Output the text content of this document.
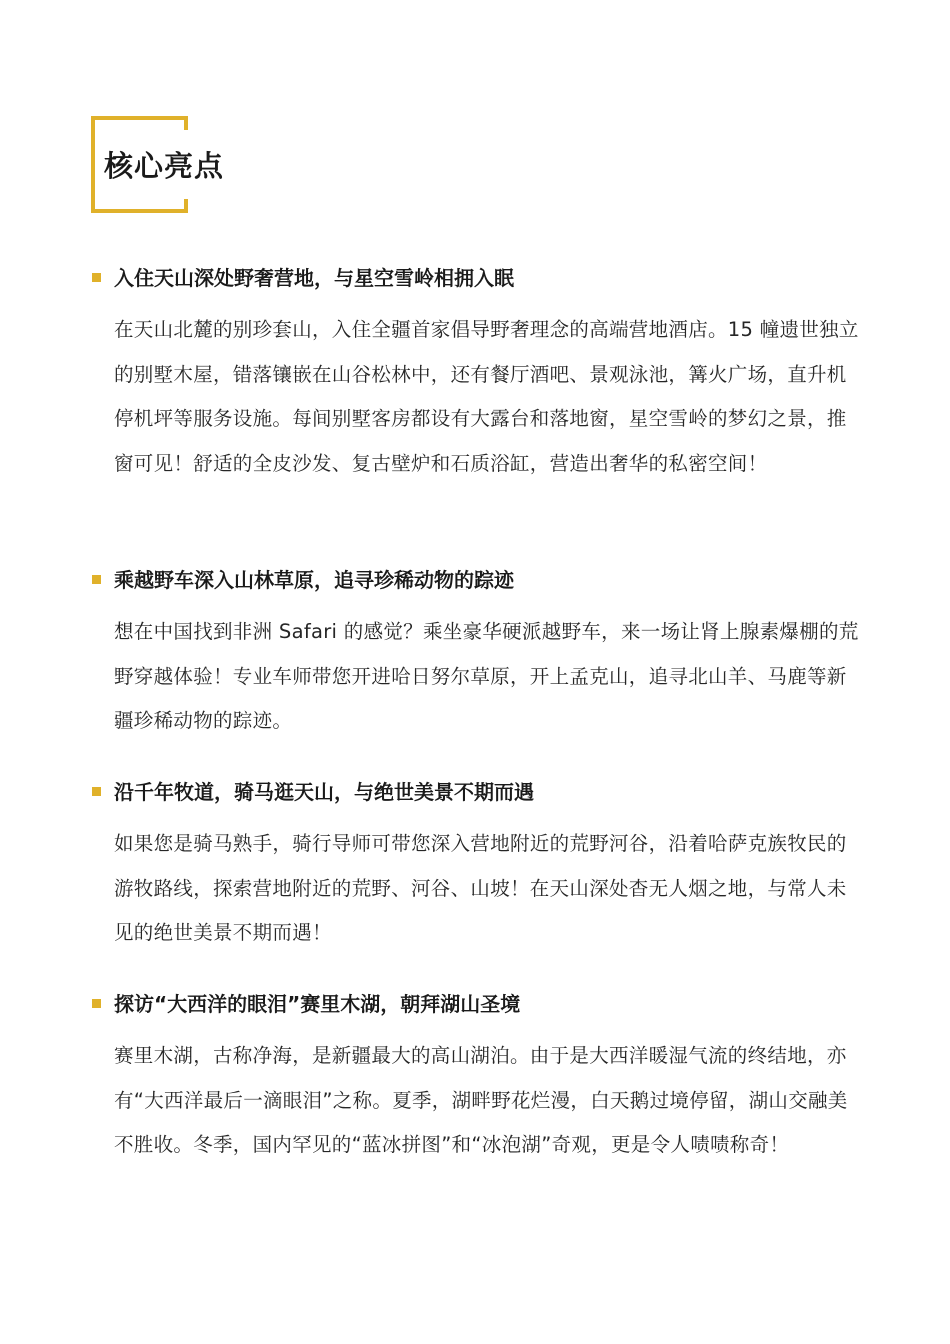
核心亮点
入住天山深处野奢营地，与星空雪岭相拥入眠
在天山北麓的别珍套山，入住全疆首家倡导野奢理念的高端营地酒店。15 幢遗世独立的别墅木屋，错落镶嵌在山谷松林中，还有餐厅酒吧、景观泳池，篝火广场，直升机停机坪等服务设施。每间别墅客房都设有大露台和落地窗，星空雪岭的梦幻之景，推窗可见！舒适的全皮沙发、复古壁炉和石质浴缸，营造出奢华的私密空间！
乘越野车深入山林草原，追寻珍稀动物的踪迹
想在中国找到非洲 Safari 的感觉？乘坐豪华硬派越野车，来一场让肾上腺素爆棚的荒野穿越体验！专业车师带您开进哈日努尔草原，开上孟克山，追寻北山羊、马鹿等新疆珍稀动物的踪迹。
沿千年牧道，骑马逛天山，与绝世美景不期而遇
如果您是骑马熟手，骑行导师可带您深入营地附近的荒野河谷，沿着哈萨克族牧民的游牧路线，探索营地附近的荒野、河谷、山坡！在天山深处杳无人烟之地，与常人未见的绝世美景不期而遇！
探访“大西洋的眼泪”赛里木湖，朝拜湖山圣境
赛里木湖，古称净海，是新疆最大的高山湖泊。由于是大西洋暖湿气流的终结地，亦有“大西洋最后一滴眼泪”之称。夏季，湖畔野花烂漫，白天鹅过境停留，湖山交融美不胜收。冬季，国内罕见的“蓝冰拼图”和“冰泡湖”奇观，更是令人啧啧称奇！
